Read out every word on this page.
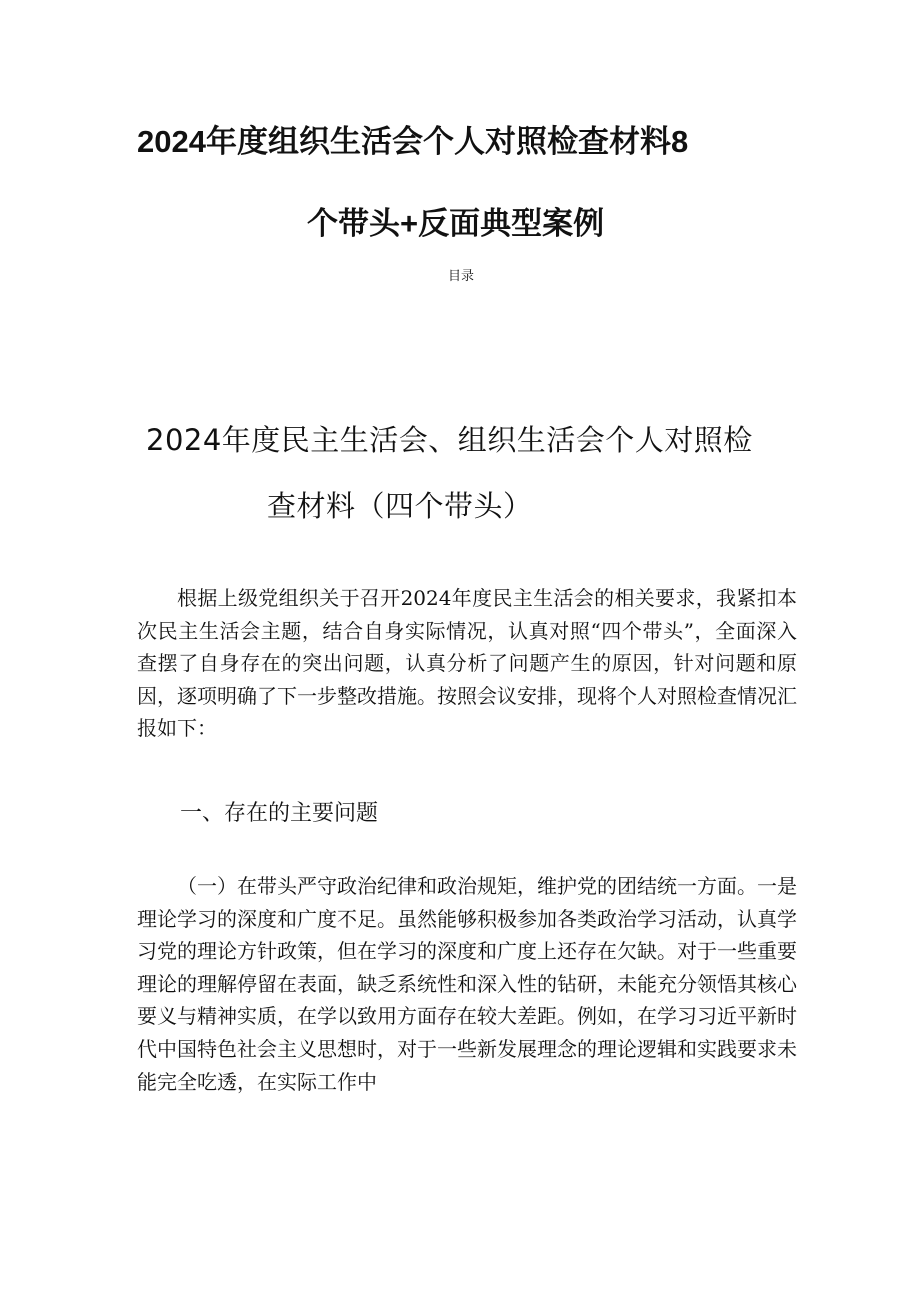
2024年度组织生活会个人对照检查材料8
个带头+反面典型案例
目录
2024年度民主生活会、组织生活会个人对照检
查材料（四个带头）

根据上级党组织关于召开2024年度民主生活会的相关要求，我紧扣本次民主生活会主题，结合自身实际情况，认真对照“四个带头”，全面深入查摆了自身存在的突出问题，认真分析了问题产生的原因，针对问题和原因，逐项明确了下一步整改措施。按照会议安排，现将个人对照检查情况汇报如下：

一、存在的主要问题

（一）在带头严守政治纪律和政治规矩，维护党的团结统一方面。一是理论学习的深度和广度不足。虽然能够积极参加各类政治学习活动，认真学习党的理论方针政策，但在学习的深度和广度上还存在欠缺。对于一些重要理论的理解停留在表面，缺乏系统性和深入性的钻研，未能充分领悟其核心要义与精神实质，在学以致用方面存在较大差距。例如，在学习习近平新时代中国特色社会主义思想时，对于一些新发展理念的理论逻辑和实践要求未能完全吃透，在实际工作中
